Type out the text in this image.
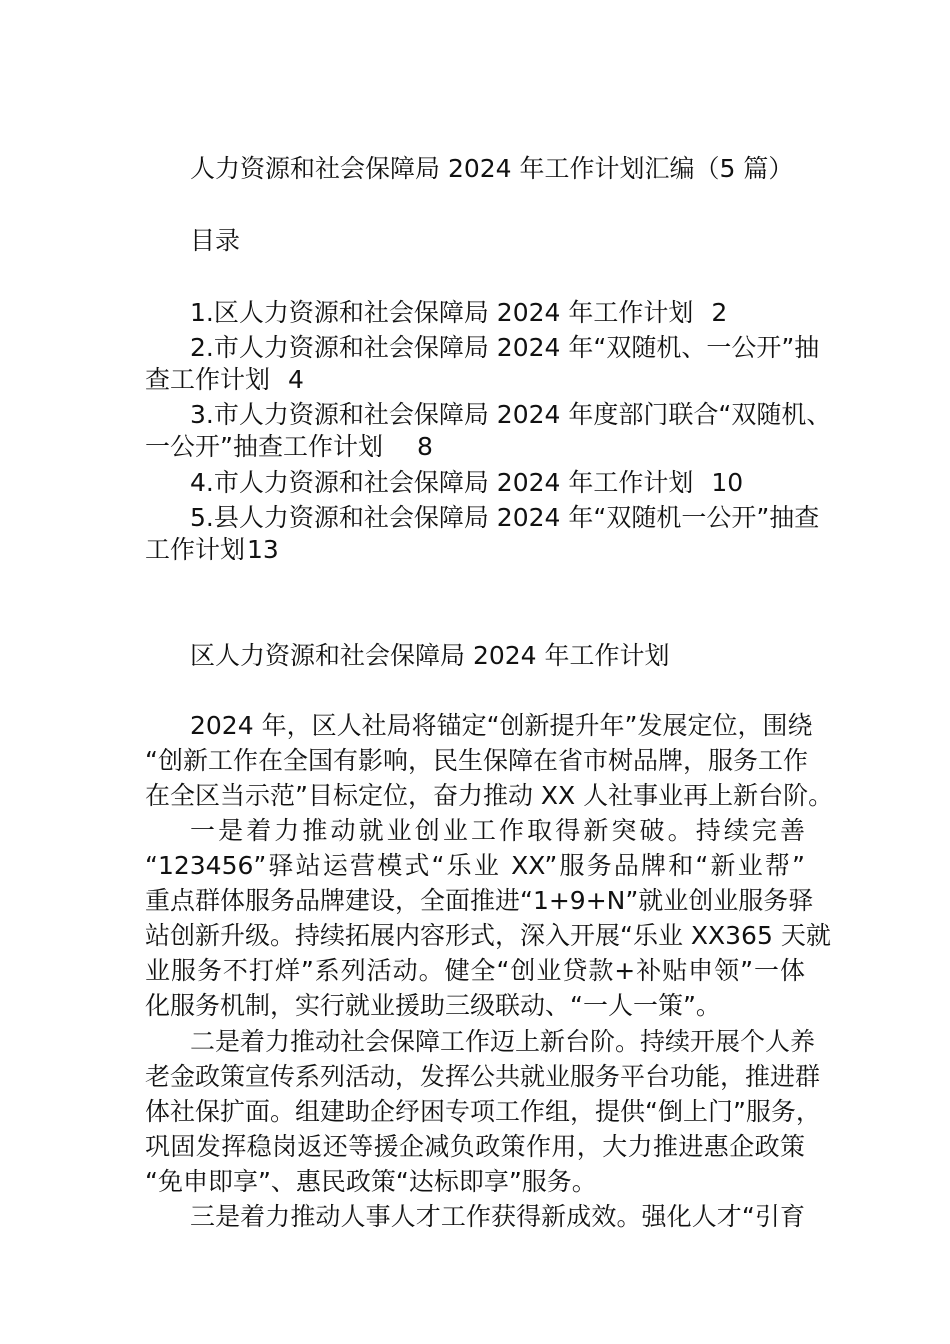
人力资源和社会保障局 2024 年工作计划汇编（5 篇）
目录
1.区人力资源和社会保障局 2024 年工作计划 2
2.市人力资源和社会保障局 2024 年“双随机、一公开”抽
查工作计划 4
3.市人力资源和社会保障局 2024 年度部门联合“双随机、
一公开”抽查工作计划 8
4.市人力资源和社会保障局 2024 年工作计划 10
5.县人力资源和社会保障局 2024 年“双随机一公开”抽查
工作计划13
区人力资源和社会保障局 2024 年工作计划
2024 年，区人社局将锚定“创新提升年”发展定位，围绕
“创新工作在全国有影响，民生保障在省市树品牌，服务工作
在全区当示范”目标定位，奋力推动 XX 人社事业再上新台阶。
一是着力推动就业创业工作取得新突破。持续完善
“123456”驿站运营模式“乐业 XX”服务品牌和“新业帮”
重点群体服务品牌建设，全面推进“1+9+N”就业创业服务驿
站创新升级。持续拓展内容形式，深入开展“乐业 XX365 天就
业服务不打烊”系列活动。健全“创业贷款+补贴申领”一体
化服务机制，实行就业援助三级联动、“一人一策”。
二是着力推动社会保障工作迈上新台阶。持续开展个人养
老金政策宣传系列活动，发挥公共就业服务平台功能，推进群
体社保扩面。组建助企纾困专项工作组，提供“倒上门”服务，
巩固发挥稳岗返还等援企减负政策作用，大力推进惠企政策
“免申即享”、惠民政策“达标即享”服务。
三是着力推动人事人才工作获得新成效。强化人才“引育
